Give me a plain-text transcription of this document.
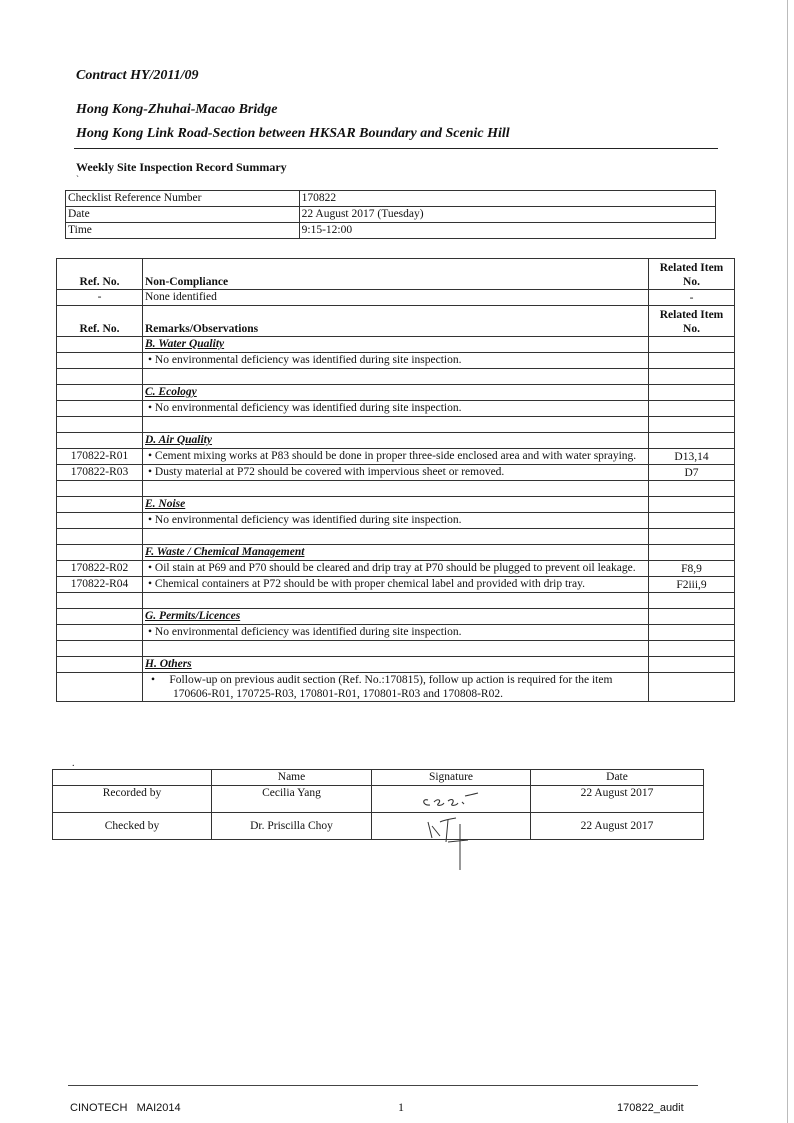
Contract HY/2011/09
Hong Kong-Zhuhai-Macao Bridge
Hong Kong Link Road-Section between HKSAR Boundary and Scenic Hill
Weekly Site Inspection Record Summary
`
Checklist Reference Number	170822
Date	22 August 2017 (Tuesday)
Time	9:15-12:00
Ref. No.	Non-Compliance	Related Item No.
-	None identified	-
Ref. No.	Remarks/Observations	Related Item No.
	B. Water Quality	
	• No environmental deficiency was identified during site inspection.	

	C. Ecology	
	• No environmental deficiency was identified during site inspection.	

	D. Air Quality	
170822-R01	• Cement mixing works at P83 should be done in proper three-side enclosed area and with water spraying.	D13,14
170822-R03	• Dusty material at P72 should be covered with impervious sheet or removed.	D7

	E. Noise	
	• No environmental deficiency was identified during site inspection.	

	F. Waste / Chemical Management	
170822-R02	• Oil stain at P69 and P70 should be cleared and drip tray at P70 should be plugged to prevent oil leakage.	F8,9
170822-R04	• Chemical containers at P72 should be with proper chemical label and provided with drip tray.	F2iii,9

	G. Permits/Licences	
	• No environmental deficiency was identified during site inspection.	

	H. Others	
	• Follow-up on previous audit section (Ref. No.:170815), follow up action is required for the item 170606-R01, 170725-R03, 170801-R01, 170801-R03 and 170808-R02.	
.
	Name	Signature	Date
Recorded by	Cecilia Yang		22 August 2017
Checked by	Dr. Priscilla Choy		22 August 2017
CINOTECH   MAI2014	1	170822_audit
